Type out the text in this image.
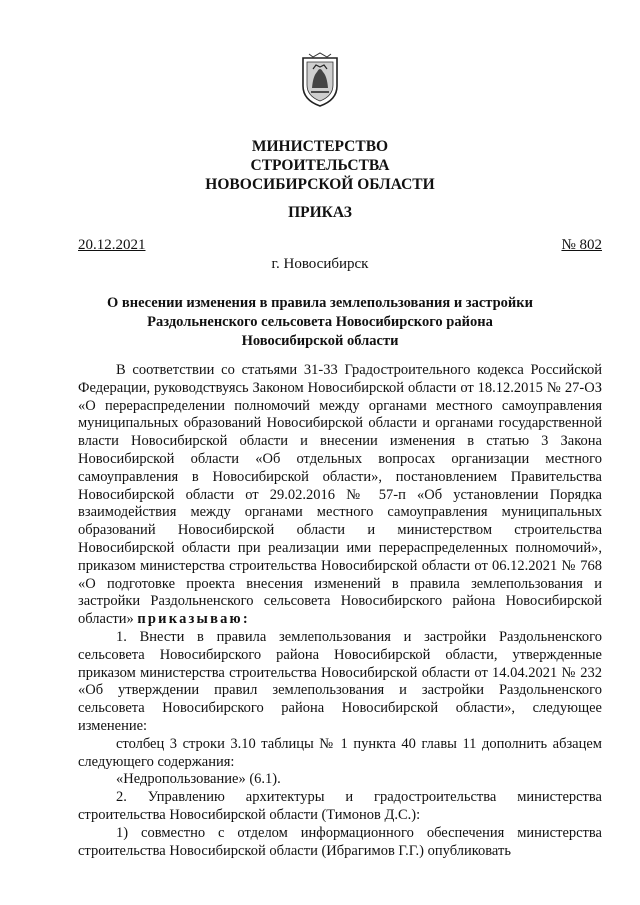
МИНИСТЕРСТВО
СТРОИТЕЛЬСТВА
НОВОСИБИРСКОЙ ОБЛАСТИ
ПРИКАЗ
20.12.2021	№ 802
г. Новосибирск
О внесении изменения в правила землепользования и застройки
Раздольненского сельсовета Новосибирского района
Новосибирской области

В соответствии со статьями 31-33 Градостроительного кодекса Российской Федерации, руководствуясь Законом Новосибирской области от 18.12.2015 № 27-ОЗ «О перераспределении полномочий между органами местного самоуправления муниципальных образований Новосибирской области и органами государственной власти Новосибирской области и внесении изменения в статью 3 Закона Новосибирской области «Об отдельных вопросах организации местного самоуправления в Новосибирской области», постановлением Правительства Новосибирской области от 29.02.2016 № 57-п «Об установлении Порядка взаимодействия между органами местного самоуправления муниципальных образований Новосибирской области и министерством строительства Новосибирской области при реализации ими перераспределенных полномочий», приказом министерства строительства Новосибирской области от 06.12.2021 № 768 «О подготовке проекта внесения изменений в правила землепользования и застройки Раздольненского сельсовета Новосибирского района Новосибирской области» приказываю:

1. Внести в правила землепользования и застройки Раздольненского сельсовета Новосибирского района Новосибирской области, утвержденные приказом министерства строительства Новосибирской области от 14.04.2021 № 232 «Об утверждении правил землепользования и застройки Раздольненского сельсовета Новосибирского района Новосибирской области», следующее изменение:

столбец 3 строки 3.10 таблицы № 1 пункта 40 главы 11 дополнить абзацем следующего содержания:

«Недропользование» (6.1).

2. Управлению архитектуры и градостроительства министерства строительства Новосибирской области (Тимонов Д.С.):

1) совместно с отделом информационного обеспечения министерства строительства Новосибирской области (Ибрагимов Г.Г.) опубликовать
